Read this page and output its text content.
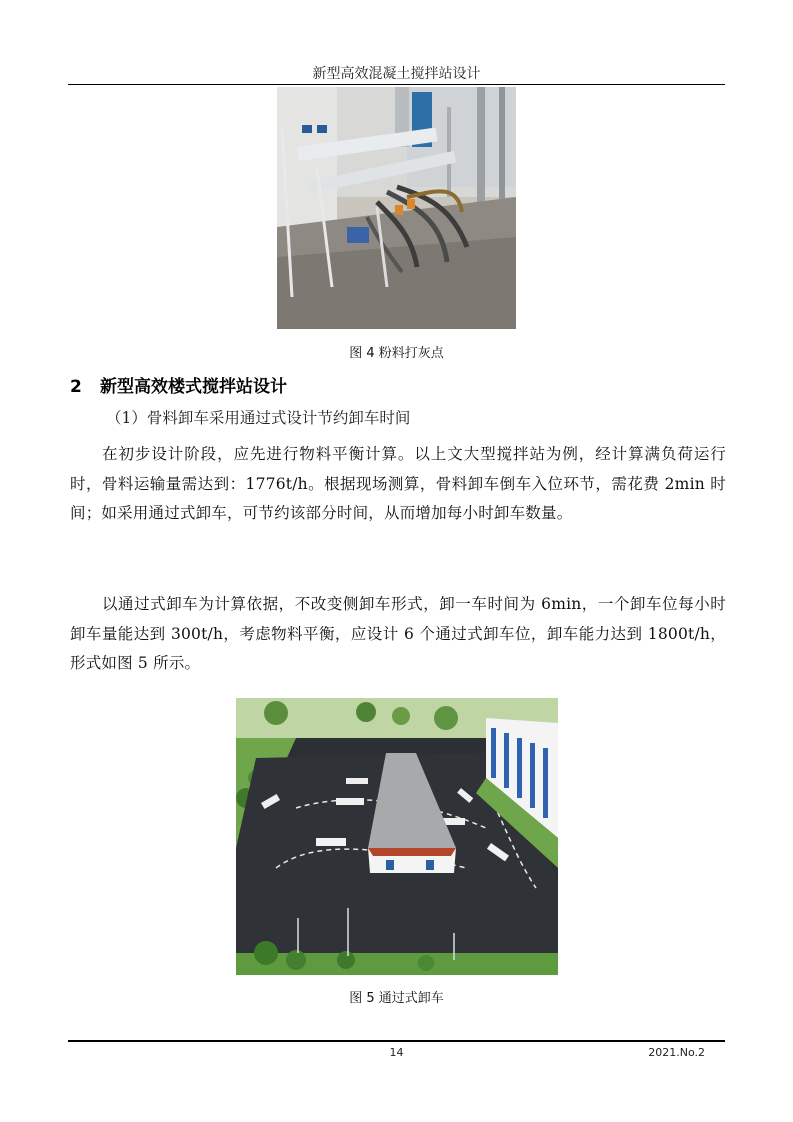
新型高效混凝土搅拌站设计
图 4 粉料打灰点
2 新型高效楼式搅拌站设计
（1）骨料卸车采用通过式设计节约卸车时间
在初步设计阶段，应先进行物料平衡计算。以上文大型搅拌站为例，经计算满负荷运行时，骨料运输量需达到：1776t/h。根据现场测算，骨料卸车倒车入位环节，需花费 2min 时间；如采用通过式卸车，可节约该部分时间，从而增加每小时卸车数量。
以通过式卸车为计算依据，不改变侧卸车形式，卸一车时间为 6min，一个卸车位每小时卸车量能达到 300t/h，考虑物料平衡，应设计 6 个通过式卸车位，卸车能力达到 1800t/h，形式如图 5 所示。
图 5 通过式卸车
14	2021.No.2
